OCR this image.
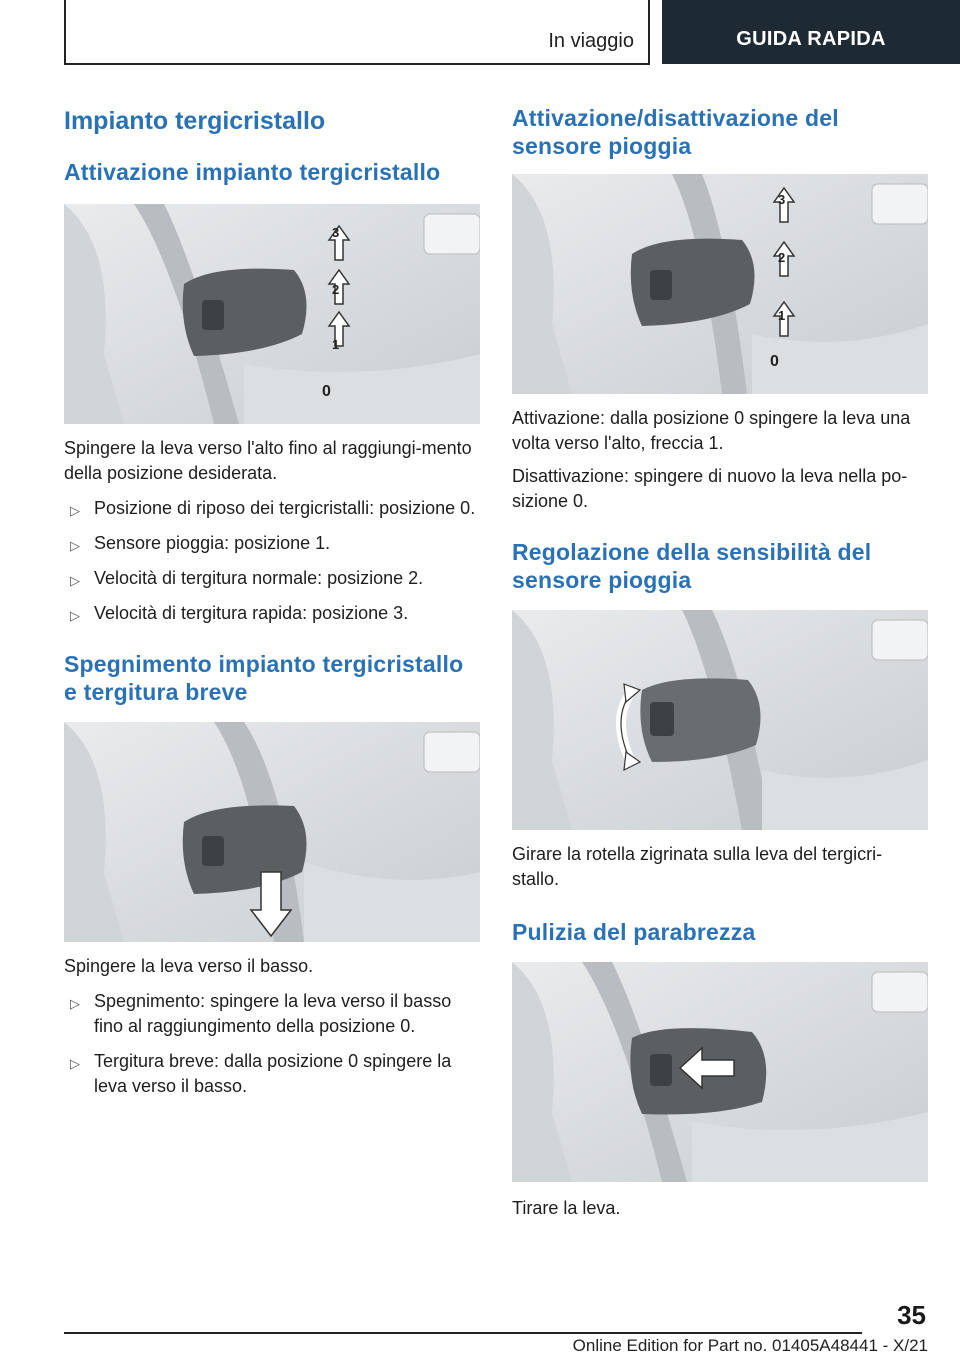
In viaggio	GUIDA RAPIDA
Impianto tergicristallo
Attivazione impianto tergicristallo
0
1
2
3

Spingere la leva verso l'alto fino al raggiungi-mento della posizione desiderata.

▷ Posizione di riposo dei tergicristalli: posizione 0.
▷ Sensore pioggia: posizione 1.
▷ Velocità di tergitura normale: posizione 2.
▷ Velocità di tergitura rapida: posizione 3.
Spegnimento impianto tergicristallo e tergitura breve

Spingere la leva verso il basso.

▷ Spegnimento: spingere la leva verso il basso fino al raggiungimento della posizione 0.
▷ Tergitura breve: dalla posizione 0 spingere la leva verso il basso.
Attivazione/disattivazione del sensore pioggia
0
1
2
3

Attivazione: dalla posizione 0 spingere la leva una volta verso l'alto, freccia 1.

Disattivazione: spingere di nuovo la leva nella po-sizione 0.

Regolazione della sensibilità del sensore pioggia

Girare la rotella zigrinata sulla leva del tergicri-stallo.

Pulizia del parabrezza

Tirare la leva.

35
Online Edition for Part no. 01405A48441 - X/21
